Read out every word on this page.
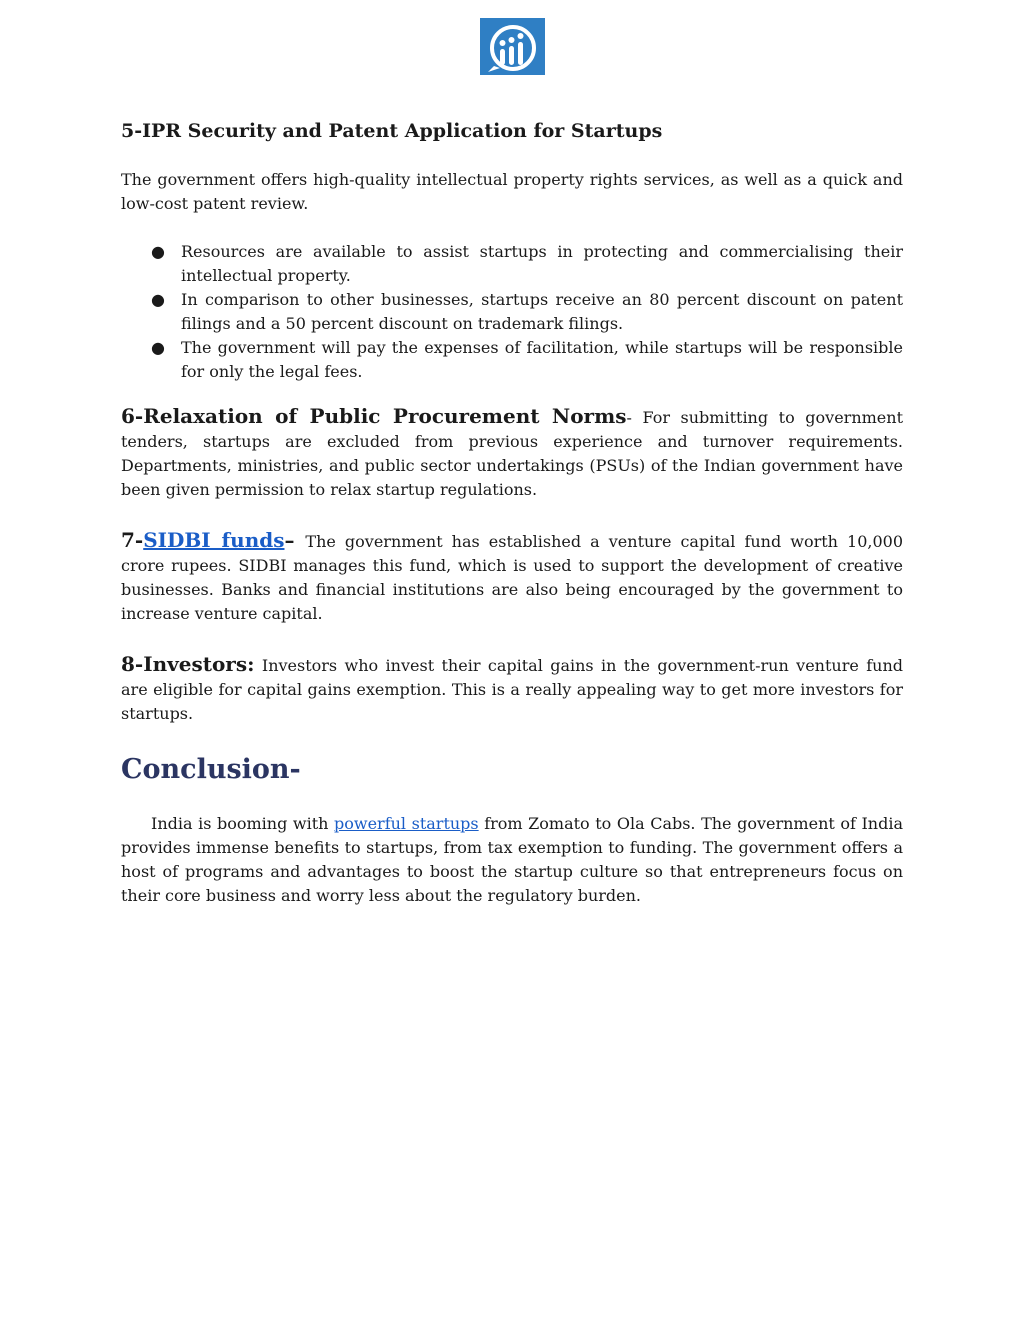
5-IPR Security and Patent Application for Startups

The government offers high-quality intellectual property rights services, as well as a quick and low-cost patent review.

● Resources are available to assist startups in protecting and commercialising their intellectual property.
● In comparison to other businesses, startups receive an 80 percent discount on patent filings and a 50 percent discount on trademark filings.
● The government will pay the expenses of facilitation, while startups will be responsible for only the legal fees.

6-Relaxation of Public Procurement Norms- For submitting to government tenders, startups are excluded from previous experience and turnover requirements. Departments, ministries, and public sector undertakings (PSUs) of the Indian government have been given permission to relax startup regulations.

7-SIDBI funds– The government has established a venture capital fund worth 10,000 crore rupees. SIDBI manages this fund, which is used to support the development of creative businesses. Banks and financial institutions are also being encouraged by the government to increase venture capital.

8-Investors: Investors who invest their capital gains in the government-run venture fund are eligible for capital gains exemption. This is a really appealing way to get more investors for startups.

Conclusion-

India is booming with powerful startups from Zomato to Ola Cabs. The government of India provides immense benefits to startups, from tax exemption to funding. The government offers a host of programs and advantages to boost the startup culture so that entrepreneurs focus on their core business and worry less about the regulatory burden.
